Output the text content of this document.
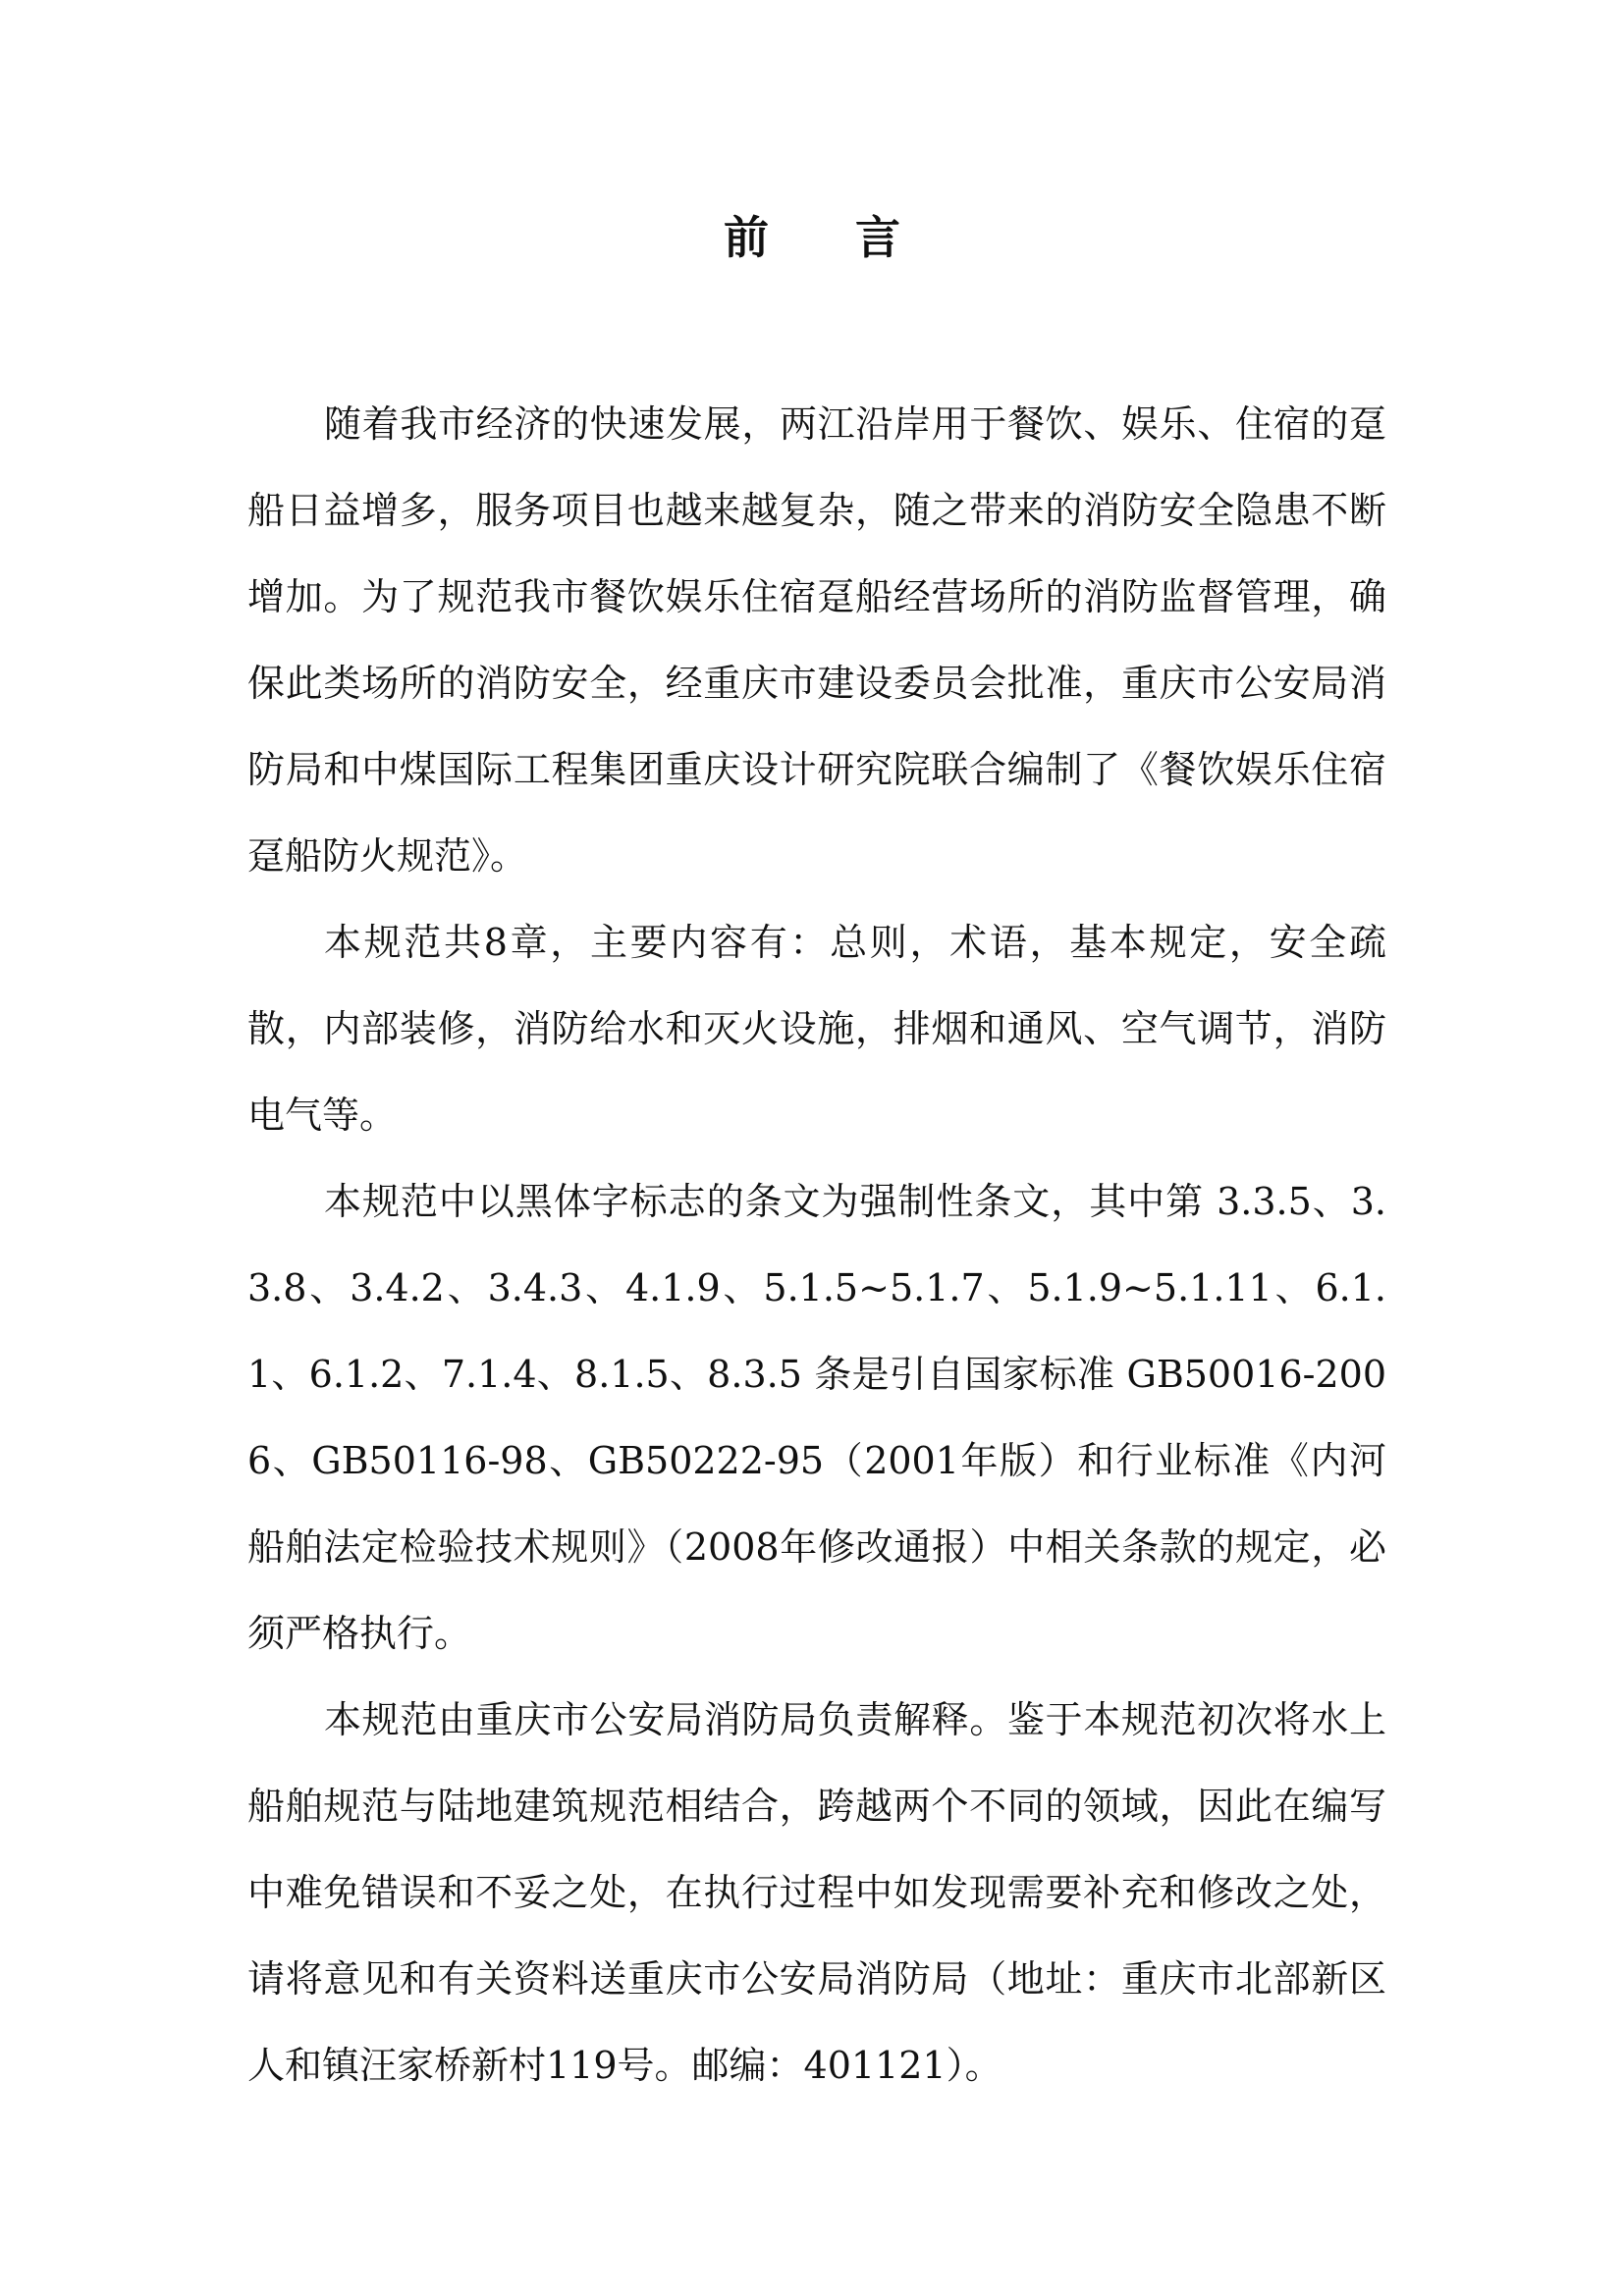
前言

随着我市经济的快速发展，两江沿岸用于餐饮、娱乐、住宿的趸船日益增多，服务项目也越来越复杂，随之带来的消防安全隐患不断增加。为了规范我市餐饮娱乐住宿趸船经营场所的消防监督管理，确保此类场所的消防安全，经重庆市建设委员会批准，重庆市公安局消防局和中煤国际工程集团重庆设计研究院联合编制了《餐饮娱乐住宿趸船防火规范》。

本规范共8章，主要内容有：总则，术语，基本规定，安全疏散，内部装修，消防给水和灭火设施，排烟和通风、空气调节，消防电气等。

本规范中以黑体字标志的条文为强制性条文，其中第 3.3.5、3.3.8、3.4.2、3.4.3、4.1.9、5.1.5~5.1.7、5.1.9~5.1.11、6.1.1、6.1.2、7.1.4、8.1.5、8.3.5 条是引自国家标准 GB50016-2006、GB50116-98、GB50222-95（2001年版）和行业标准《内河船舶法定检验技术规则》（2008年修改通报）中相关条款的规定，必须严格执行。

本规范由重庆市公安局消防局负责解释。鉴于本规范初次将水上船舶规范与陆地建筑规范相结合，跨越两个不同的领域，因此在编写中难免错误和不妥之处，在执行过程中如发现需要补充和修改之处，请将意见和有关资料送重庆市公安局消防局（地址：重庆市北部新区人和镇汪家桥新村119号。邮编：401121）。
